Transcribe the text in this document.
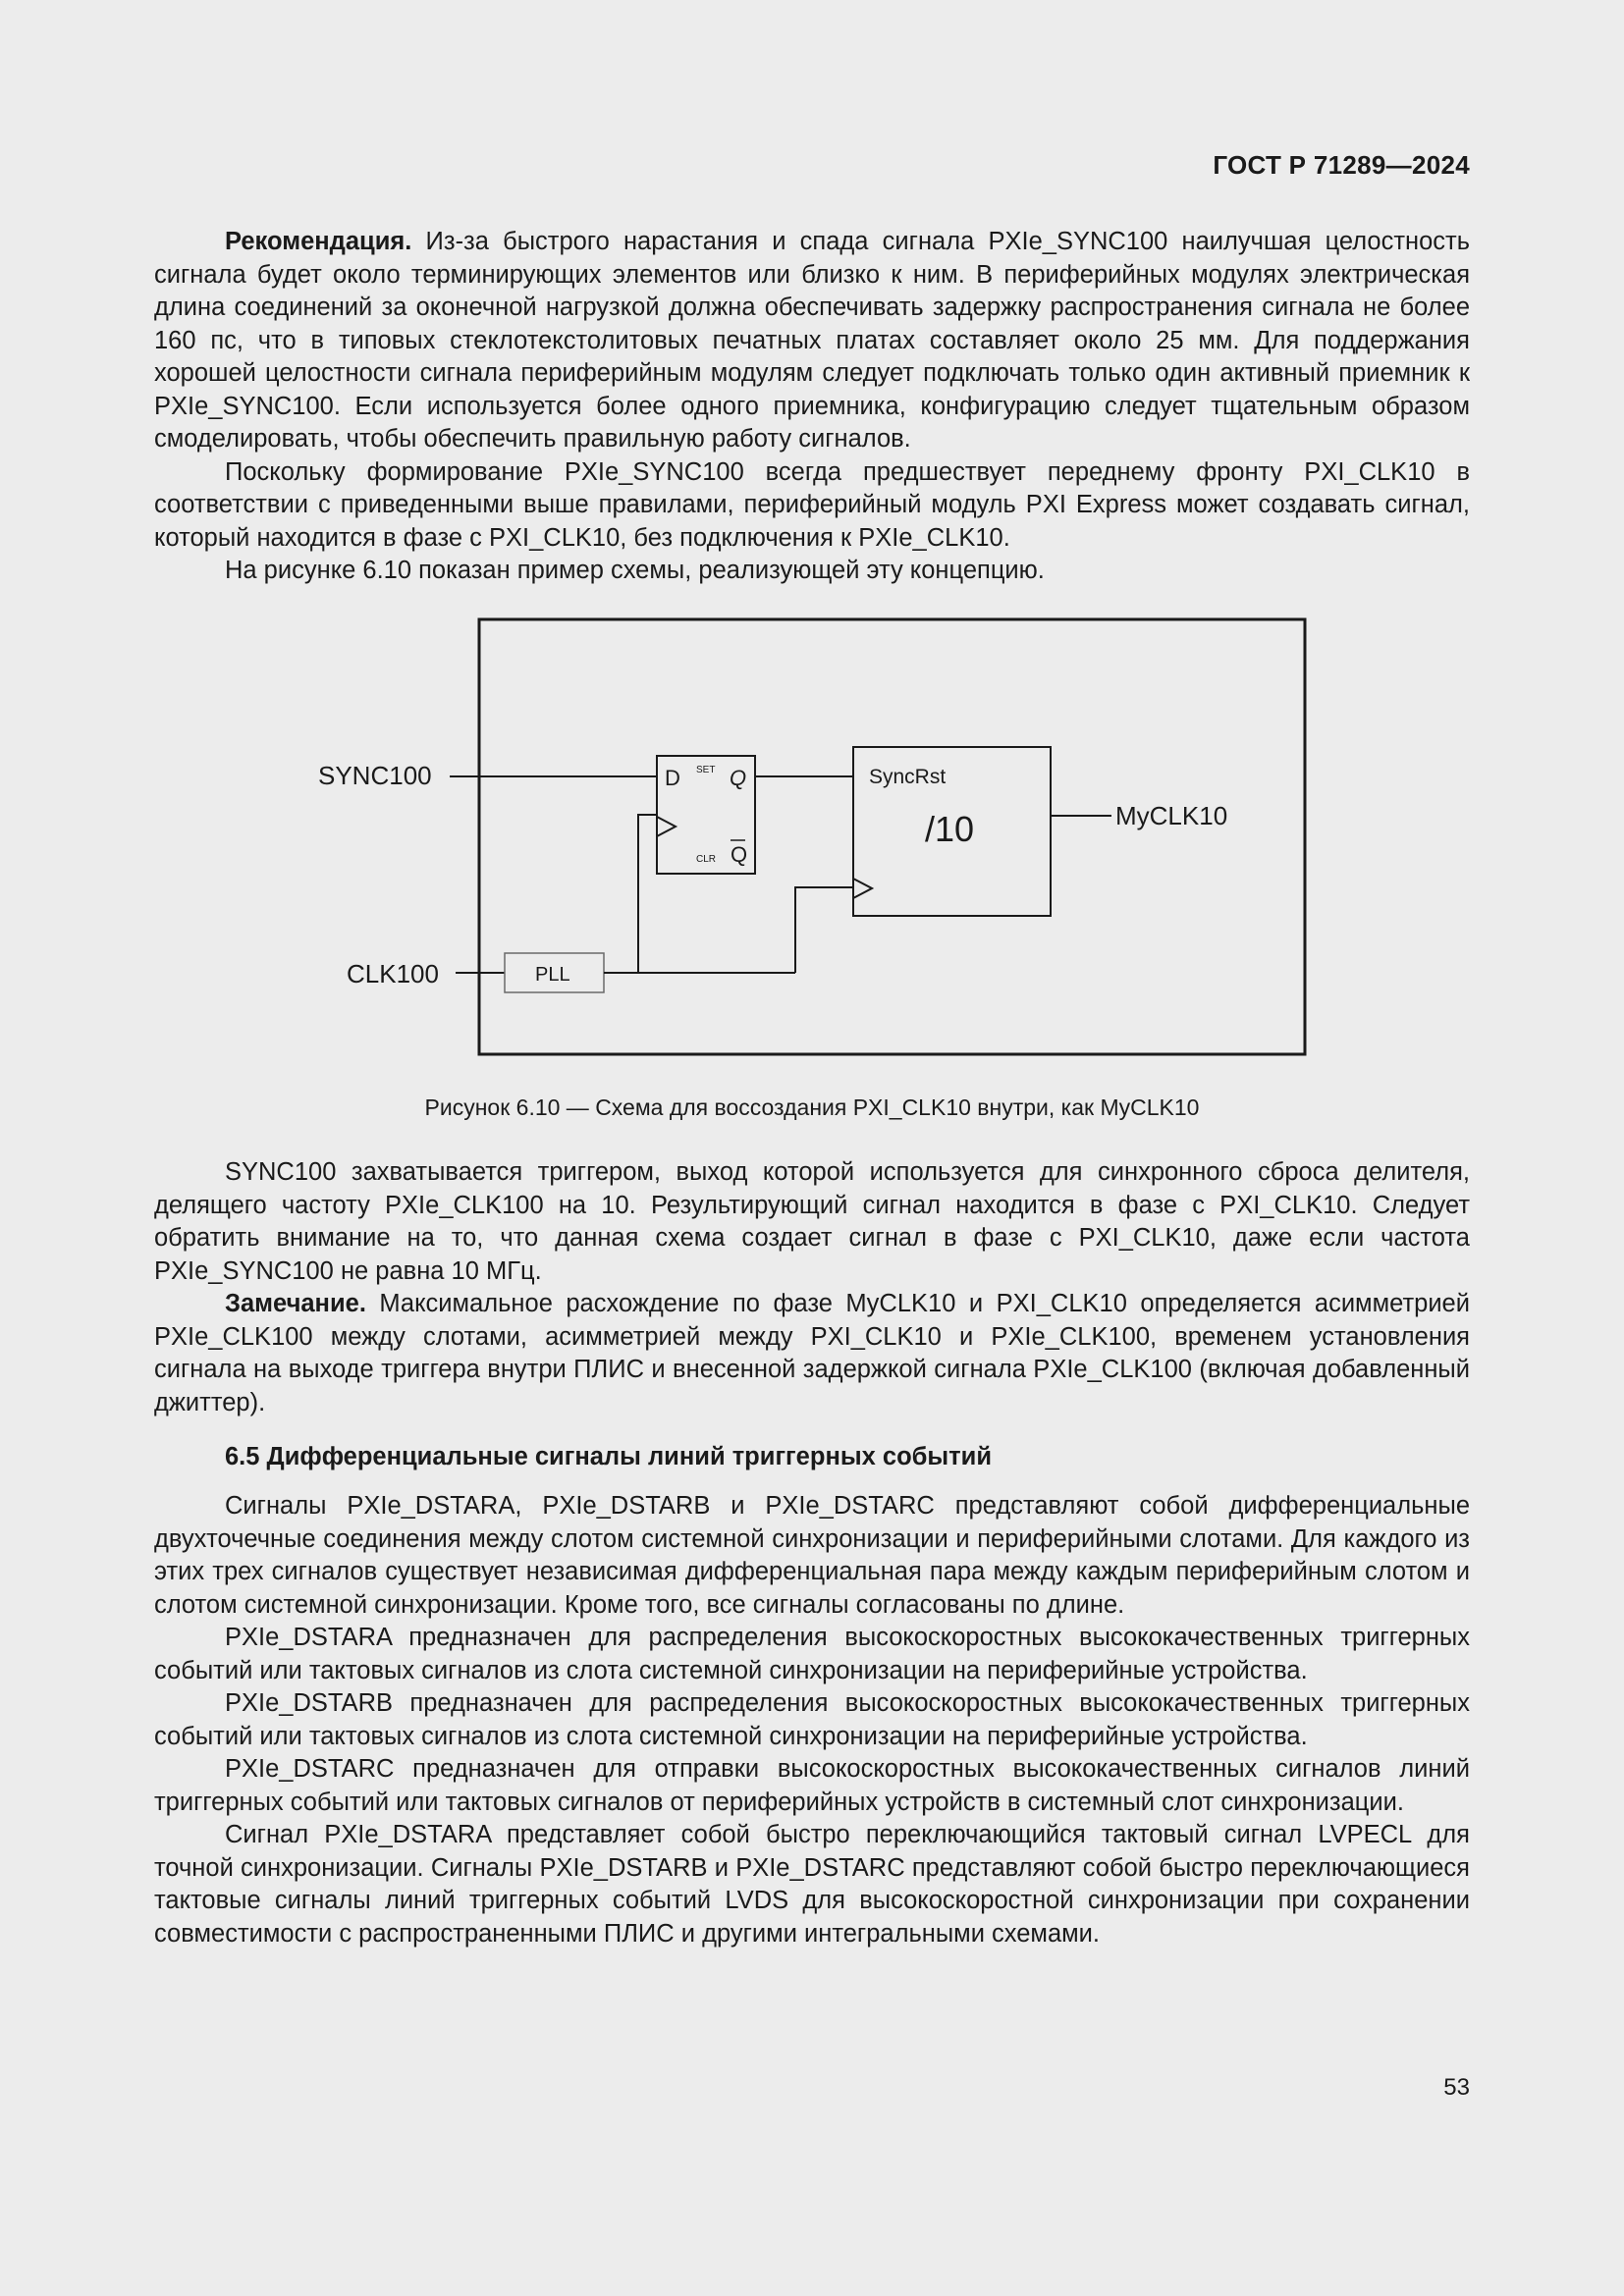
ГОСТ Р 71289—2024

Рекомендация. Из-за быстрого нарастания и спада сигнала PXIe_SYNC100 наилучшая целостность сигнала будет около терминирующих элементов или близко к ним. В периферийных модулях электрическая длина соединений за оконечной нагрузкой должна обеспечивать задержку распространения сигнала не более 160 пс, что в типовых стеклотекстолитовых печатных платах составляет около 25 мм. Для поддержания хорошей целостности сигнала периферийным модулям следует подключать только один активный приемник к PXIe_SYNC100. Если используется более одного приемника, конфигурацию следует тщательным образом смоделировать, чтобы обеспечить правильную работу сигналов.

Поскольку формирование PXIe_SYNC100 всегда предшествует переднему фронту PXI_CLK10 в соответствии с приведенными выше правилами, периферийный модуль PXI Express может создавать сигнал, который находится в фазе с PXI_CLK10, без подключения к PXIe_CLK10.

На рисунке 6.10 показан пример схемы, реализующей эту концепцию.

SYNC100	D SET Q
CLR Q
SyncRst
/10	MyCLK10
CLK100	PLL
Рисунок 6.10 — Схема для воссоздания PXI_CLK10 внутри, как MyCLK10

SYNC100 захватывается триггером, выход которой используется для синхронного сброса делителя, делящего частоту PXIe_CLK100 на 10. Результирующий сигнал находится в фазе с PXI_CLK10. Следует обратить внимание на то, что данная схема создает сигнал в фазе с PXI_CLK10, даже если частота PXIe_SYNC100 не равна 10 МГц.

Замечание. Максимальное расхождение по фазе MyCLK10 и PXI_CLK10 определяется асимметрией PXIe_CLK100 между слотами, асимметрией между PXI_CLK10 и PXIe_CLK100, временем установления сигнала на выходе триггера внутри ПЛИС и внесенной задержкой сигнала PXIe_CLK100 (включая добавленный джиттер).

6.5 Дифференциальные сигналы линий триггерных событий

Сигналы PXIe_DSTARA, PXIe_DSTARB и PXIe_DSTARC представляют собой дифференциальные двухточечные соединения между слотом системной синхронизации и периферийными слотами. Для каждого из этих трех сигналов существует независимая дифференциальная пара между каждым периферийным слотом и слотом системной синхронизации. Кроме того, все сигналы согласованы по длине.

PXIe_DSTARA предназначен для распределения высокоскоростных высококачественных триггерных событий или тактовых сигналов из слота системной синхронизации на периферийные устройства.

PXIe_DSTARB предназначен для распределения высокоскоростных высококачественных триггерных событий или тактовых сигналов из слота системной синхронизации на периферийные устройства.

PXIe_DSTARC предназначен для отправки высокоскоростных высококачественных сигналов линий триггерных событий или тактовых сигналов от периферийных устройств в системный слот синхронизации.

Сигнал PXIe_DSTARA представляет собой быстро переключающийся тактовый сигнал LVPECL для точной синхронизации. Сигналы PXIe_DSTARB и PXIe_DSTARC представляют собой быстро переключающиеся тактовые сигналы линий триггерных событий LVDS для высокоскоростной синхронизации при сохранении совместимости с распространенными ПЛИС и другими интегральными схемами.

53
